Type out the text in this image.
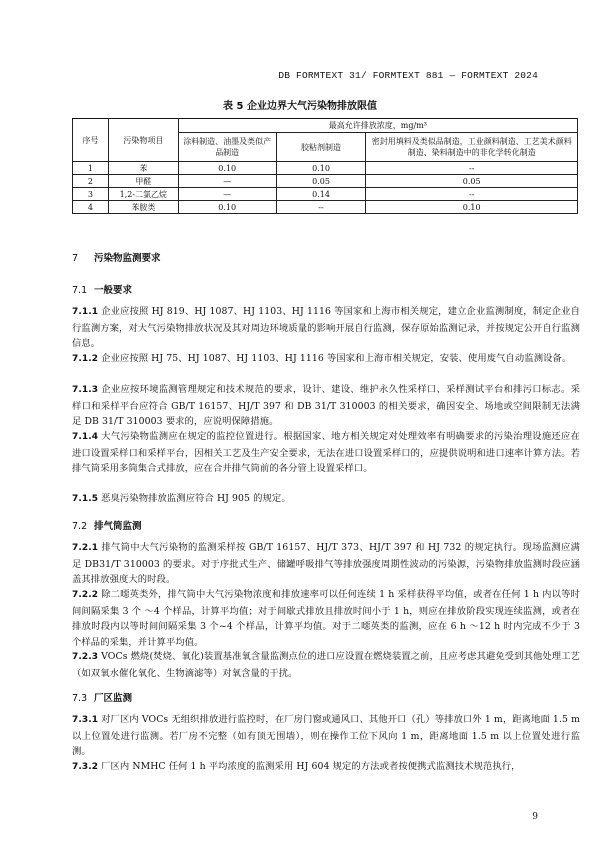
DB FORMTEXT 31/ FORMTEXT 881 — FORMTEXT 2024
表 5 企业边界大气污染物排放限值
序号	污染物项目	最高允许排放浓度，mg/m³		
		涂料制造、油墨及类似产品制造	胶粘剂制造	密封用填料及类似品制造，工业颜料制造、工艺美术颜料制造、染料制造中的非化学转化制造
1	苯	0.10	0.10	--
2	甲醛	—	0.05	0.05
3	1,2-二氯乙烷	—	0.14	--
4	苯胺类	0.10	--	0.10
7 污染物监测要求
7.1 一般要求
7.1.1 企业应按照 HJ 819、HJ 1087、HJ 1103、HJ 1116 等国家和上海市相关规定，建立企业监测制度，制定企业自行监测方案，对大气污染物排放状况及其对周边环境质量的影响开展自行监测，保存原始监测记录，并按规定公开自行监测信息。
7.1.2 企业应按照 HJ 75、HJ 1087、HJ 1103、HJ 1116 等国家和上海市相关规定，安装、使用废气自动监测设备。
7.1.3 企业应按环境监测管理规定和技术规范的要求，设计、建设、维护永久性采样口、采样测试平台和排污口标志。采样口和采样平台应符合 GB/T 16157、HJ/T 397 和 DB 31/T 310003 的相关要求，确因安全、场地或空间限制无法满足 DB 31/T 310003 要求的，应说明保障措施。
7.1.4 大气污染物监测应在规定的监控位置进行。根据国家、地方相关规定对处理效率有明确要求的污染治理设施还应在进口设置采样口和采样平台，因相关工艺及生产安全要求，无法在进口设置采样口的，应提供说明和进口速率计算方法。若排气筒采用多筒集合式排放，应在合并排气筒前的各分管上设置采样口。
7.1.5 恶臭污染物排放监测应符合 HJ 905 的规定。
7.2 排气筒监测
7.2.1 排气筒中大气污染物的监测采样按 GB/T 16157、HJ/T 373、HJ/T 397 和 HJ 732 的规定执行。现场监测应满足 DB31/T 310003 的要求。对于序批式生产、储罐呼吸排气等排放强度周期性波动的污染源，污染物排放监测时段应涵盖其排放强度大的时段。
7.2.2 除二噁英类外，排气筒中大气污染物浓度和排放速率可以任何连续 1 h 采样获得平均值，或者在任何 1 h 内以等时间间隔采集 3 个 ～4 个样品，计算平均值；对于间歇式排放且排放时间小于 1 h，则应在排放阶段实现连续监测，或者在排放时段内以等时间间隔采集 3 个~4 个样品，计算平均值。对于二噁英类的监测，应在 6 h ～12 h 时内完成不少于 3 个样品的采集，并计算平均值。
7.2.3 VOCs 燃烧(焚烧、氧化)装置基准氧含量监测点位的进口应设置在燃烧装置之前，且应考虑其避免受到其他处理工艺（如双氧水催化氧化、生物滴滤等）对氧含量的干扰。
7.3 厂区监测
7.3.1 对厂区内 VOCs 无组织排放进行监控时，在厂房门窗或通风口、其他开口（孔）等排放口外 1 m，距离地面 1.5 m 以上位置处进行监测。若厂房不完整（如有顶无围墙），则在操作工位下风向 1 m，距离地面 1.5 m 以上位置处进行监测。
7.3.2 厂区内 NMHC 任何 1 h 平均浓度的监测采用 HJ 604 规定的方法或者按便携式监测技术规范执行，
9
